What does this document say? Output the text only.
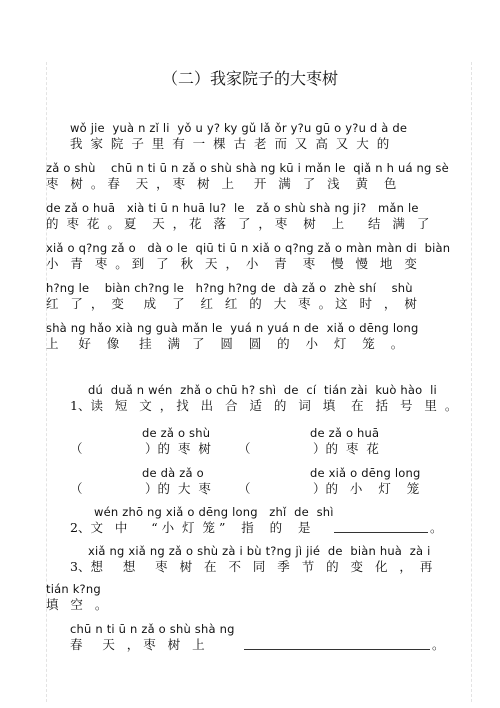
（二）我家院子的大枣树
wǒ jie  yuà n zǐ li  yǒ u y? ky gǔ lǎ ǒr y?u gū o y?u d à de
我  家  院  子  里  有  一  棵  古  老  而  又  高  又  大  的
zǎ o shù    chū n ti ū n zǎ o shù shà ng kū i mǎn le  qiǎ n h uá ng sè
枣   树  。 春    天  ， 枣   树   上     开   满   了   浅    黄    色
de zǎ o huā   xià ti ū n huā lu?  le   zǎ o shù shà ng ji?   mǎn le
的  枣  花  。 夏    天  ， 花   落   了  ， 枣    树    上      结   满   了
xiǎ o q?ng zǎ o   dà o le  qiū ti ū n xiǎ o q?ng zǎ o màn màn di  biàn
小   青   枣  。 到   了   秋   天  ，  小    青    枣    慢   慢   地   变
h?ng le    biàn ch?ng le   h?ng h?ng de  dà zǎ o  zhè shí    shù
红   了  ，  变     成    了    红   红   的   大   枣  。 这   时   ，  树
shà ng hǎo xià ng guà mǎn le  yuá n yuá n de  xiǎ o dēng long
上     好    像     挂    满   了    圆    圆    的    小    灯    笼    。
dú  duǎ n wén  zhǎ o chū h? shì  de  cí  tián zài  kuò hào  li
1、读   短   文  ， 找   出   合   适   的   词   填    在   括   号   里  。
de zǎ o shù
（　　　　　）的  枣  树
de zǎ o huā
（　　　　　）的  枣  花
de dà zǎ o
（　　　　　）的  大  枣
de xiǎ o dēng long
（　　　　　）的   小    灯    笼
wén zhō ng xiǎ o dēng long   zhǐ  de  shì
2、文   中      “ 小  灯  笼 ”    指    的    是	。
xiǎ ng xiǎ ng zǎ o shù zà i bù t?ng jì jié  de  biàn huà  zà i
3、想     想     枣   树   在   不   同   季   节   的   变   化   ，  再
tián k?ng
填   空   。
chū n ti ū n zǎ o shù shà ng
春     天   ， 枣   树   上	。
